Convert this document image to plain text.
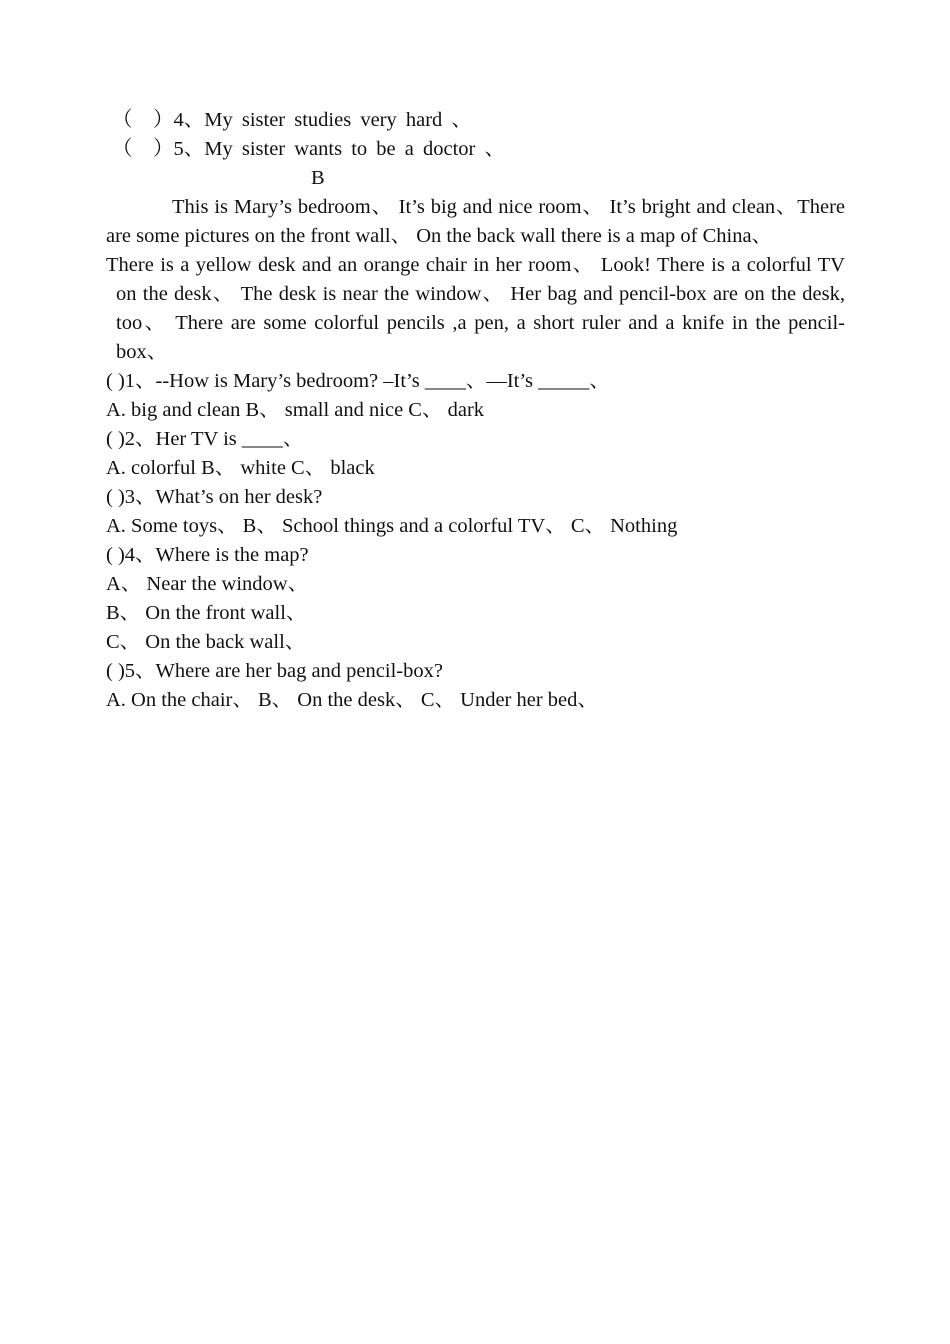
（　）4、My sister studies very hard 、
（　）5、My sister wants to be a doctor 、
B
This is Mary’s bedroom、 It’s big and nice room、 It’s bright and clean、There are some pictures on the front wall、 On the back wall there is a map of China、
There is a yellow desk and an orange chair in her room、 Look! There is a colorful TV on the desk、 The desk is near the window、 Her bag and pencil-box are on the desk, too、 There are some colorful pencils ,a pen, a short ruler and a knife in the pencil-box、
( )1、--How is Mary’s bedroom? –It’s ____、—It’s _____、
A. big and clean B、 small and nice C、 dark
( )2、Her TV is ____、
A. colorful B、 white C、 black
( )3、What’s on her desk?
A. Some toys、 B、 School things and a colorful TV、 C、 Nothing
( )4、Where is the map?
A、 Near the window、
B、 On the front wall、
C、 On the back wall、
( )5、Where are her bag and pencil-box?
A. On the chair、 B、 On the desk、 C、 Under her bed、
